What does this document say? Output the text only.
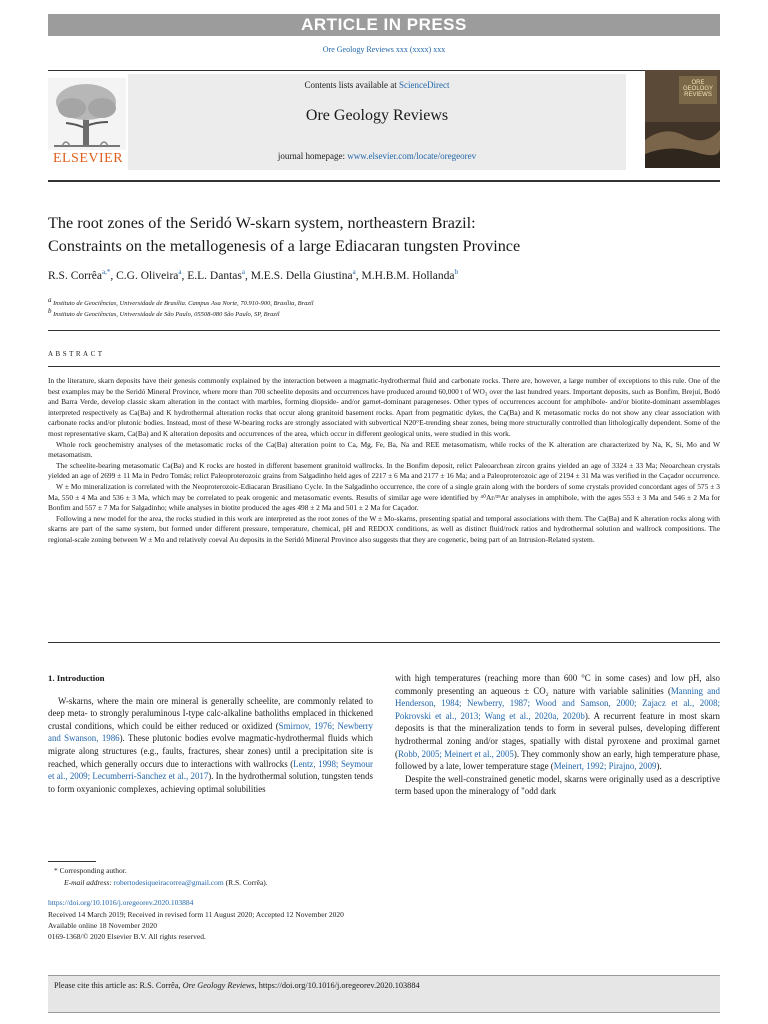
ARTICLE IN PRESS
Ore Geology Reviews xxx (xxxx) xxx
ELSEVIER
Contents lists available at ScienceDirect
Ore Geology Reviews
journal homepage: www.elsevier.com/locate/oregeorev
ORE GEOLOGY REVIEWS
The root zones of the Seridó W-skarn system, northeastern Brazil:
Constraints on the metallogenesis of a large Ediacaran tungsten Province
R.S. Corrêa$^{a,*}$, C.G. Oliveira$^a$, E.L. Dantas$^a$, M.E.S. Della Giustina$^a$, M.H.B.M. Hollanda$^b$
a Instituto de Geociências, Universidade de Brasília. Campus Asa Norte, 70.910-900, Brasília, Brazil
b Instituto de Geociências, Universidade de São Paulo, 05508-080 São Paulo, SP, Brazil
ABSTRACT

In the literature, skarn deposits have their genesis commonly explained by the interaction between a magmatic-hydrothermal fluid and carbonate rocks. There are, however, a large number of exceptions to this rule. One of the best examples may be the Seridó Mineral Province, where more than 700 scheelite deposits and occurrences have produced around 60,000 t of WO₃ over the last hundred years. Important deposits, such as Bonfim, Brejuí, Bodó and Barra Verde, develop classic skarn alteration in the contact with marbles, forming diopside- and/or garnet-dominant parageneses. Other types of occurrences account for amphibole- and/or biotite-dominant assemblages interpreted respectively as Ca(Ba) and K hydrothermal alteration rocks that occur along granitoid basement rocks. Apart from pegmatitic dykes, the Ca(Ba) and K metasomatic rocks do not show any clear association with carbonate rocks and/or plutonic bodies. Instead, most of these W-bearing rocks are strongly associated with subvertical N20°E-trending shear zones, being more structurally controlled than lithologically dependent. Some of the most representative skarn, Ca(Ba) and K alteration deposits and occurrences of the area, which occur in different geological units, were studied in this work.

Whole rock geochemistry analyses of the metasomatic rocks of the Ca(Ba) alteration point to Ca, Mg, Fe, Ba, Na and REE metasomatism, while rocks of the K alteration are characterized by Na, K, Si, Mo and W metasomatism.

The scheelite-bearing metasomatic Ca(Ba) and K rocks are hosted in different basement granitoid wallrocks. In the Bonfim deposit, relict Paleoarchean zircon grains yielded an age of 3324 ± 33 Ma; Neoarchean crystals yielded an age of 2699 ± 11 Ma in Pedro Tomás; relict Paleoproterozoic grains from Salgadinho held ages of 2217 ± 6 Ma and 2177 ± 16 Ma; and a Paleoproterozoic age of 2194 ± 31 Ma was verified in the Caçador occurrence.

W ± Mo mineralization is correlated with the Neoproterozoic-Ediacaran Brasiliano Cycle. In the Salgadinho occurrence, the core of a single grain along with the borders of some crystals provided concordant ages of 575 ± 3 Ma, 550 ± 4 Ma and 536 ± 3 Ma, which may be correlated to peak orogenic and metasomatic events. Results of similar age were identified by ⁴⁰Ar/³⁹Ar analyses in amphibole, with the ages 553 ± 3 Ma and 546 ± 2 Ma for Bonfim and 557 ± 7 Ma for Salgadinho; while analyses in biotite produced the ages 498 ± 2 Ma and 501 ± 2 Ma for Caçador.

Following a new model for the area, the rocks studied in this work are interpreted as the root zones of the W ± Mo-skarns, presenting spatial and temporal associations with them. The Ca(Ba) and K alteration rocks along with skarns are part of the same system, but formed under different pressure, temperature, chemical, pH and REDOX conditions, as well as distinct fluid/rock ratios and hydrothermal solution and wallrock compositions. The regional-scale zoning between W ± Mo and relatively coeval Au deposits in the Seridó Mineral Province also suggests that they are cogenetic, being part of an Intrusion-Related system.

1. Introduction

W-skarns, where the main ore mineral is generally scheelite, are commonly related to deep meta- to strongly peraluminous I-type calc-alkaline batholiths emplaced in thickened crustal conditions, which could be either reduced or oxidized (Smirnov, 1976; Newberry and Swanson, 1986). These plutonic bodies evolve magmatic-hydrothermal fluids which migrate along structures (e.g., faults, fractures, shear zones) until a precipitation site is reached, which generally occurs due to interactions with wallrocks (Lentz, 1998; Seymour et al., 2009; Lecumberri-Sanchez et al., 2017). In the hydrothermal solution, tungsten tends to form oxyanionic complexes, achieving optimal solubilities

with high temperatures (reaching more than 600 °C in some cases) and low pH, also commonly presenting an aqueous ± CO₂ nature with variable salinities (Manning and Henderson, 1984; Newberry, 1987; Wood and Samson, 2000; Zajacz et al., 2008; Pokrovski et al., 2013; Wang et al., 2020a, 2020b). A recurrent feature in most skarn deposits is that the mineralization tends to form in several pulses, developing different hydrothermal zoning and/or stages, spatially with distal pyroxene and proximal garnet (Robb, 2005; Meinert et al., 2005). They commonly show an early, high temperature phase, followed by a late, lower temperature stage (Meinert, 1992; Pirajno, 2009).

Despite the well-constrained genetic model, skarns were originally used as a descriptive term based upon the mineralogy of "odd dark

* Corresponding author.
E-mail address: robertodesiqueiracorrea@gmail.com (R.S. Corrêa).
https://doi.org/10.1016/j.oregeorev.2020.103884
Received 14 March 2019; Received in revised form 11 August 2020; Accepted 12 November 2020
Available online 18 November 2020
0169-1368/© 2020 Elsevier B.V. All rights reserved.
Please cite this article as: R.S. Corrêa, Ore Geology Reviews, https://doi.org/10.1016/j.oregeorev.2020.103884
